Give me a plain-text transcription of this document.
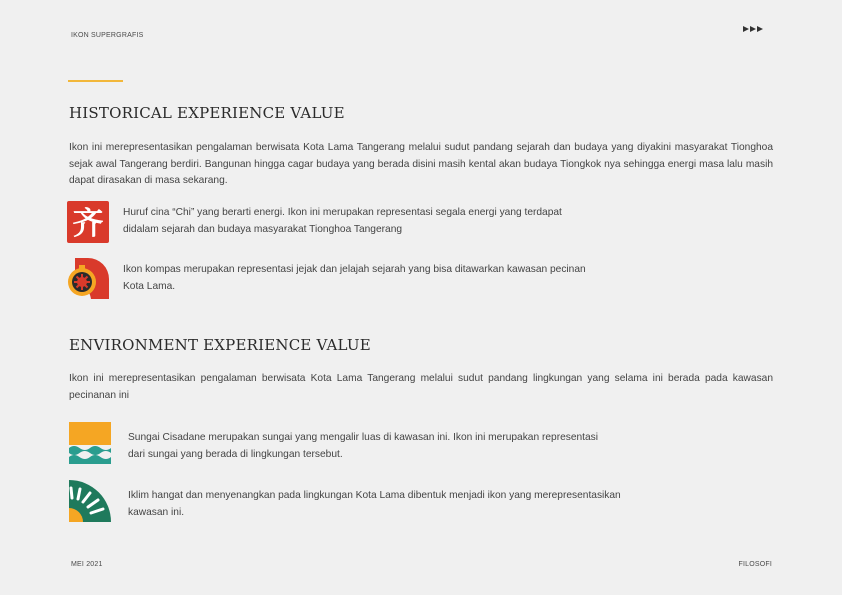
IKON SUPERGRAFIS
HISTORICAL EXPERIENCE VALUE

Ikon ini merepresentasikan pengalaman berwisata Kota Lama Tangerang melalui sudut pandang sejarah dan budaya yang diyakini masyarakat Tionghoa sejak awal Tangerang berdiri. Bangunan hingga cagar budaya yang berada disini masih kental akan budaya Tiongkok nya sehingga energi masa lalu masih dapat dirasakan di masa sekarang.

齐 Huruf cina “Chi” yang berarti energi. Ikon ini merupakan representasi segala energi yang terdapat
didalam sejarah dan budaya masyarakat Tionghoa Tangerang

Ikon kompas merupakan representasi jejak dan jelajah sejarah yang bisa ditawarkan kawasan pecinan
Kota Lama.

ENVIRONMENT EXPERIENCE VALUE

Ikon ini merepresentasikan pengalaman berwisata Kota Lama Tangerang melalui sudut pandang lingkungan yang selama ini berada pada kawasan pecinanan ini

Sungai Cisadane merupakan sungai yang mengalir luas di kawasan ini. Ikon ini merupakan representasi
dari sungai yang berada di lingkungan tersebut.

Iklim hangat dan menyenangkan pada lingkungan Kota Lama dibentuk menjadi ikon yang merepresentasikan
kawasan ini.

MEI 2021	FILOSOFI
